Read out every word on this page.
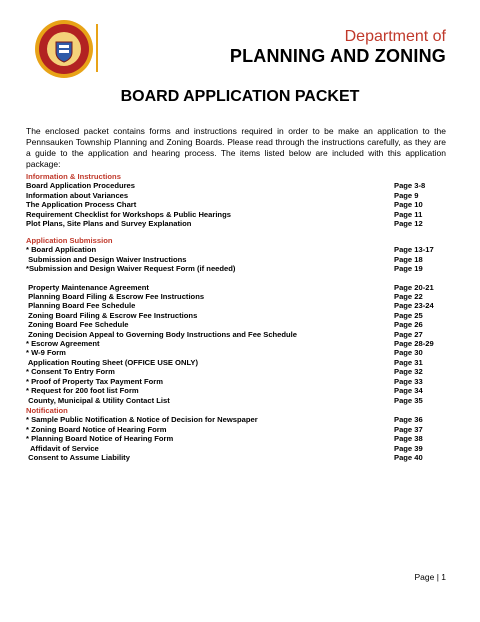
Department of
PLANNING AND ZONING
BOARD APPLICATION PACKET
The enclosed packet contains forms and instructions required in order to be make an application to the Pennsauken Township Planning and Zoning Boards. Please read through the instructions carefully, as they are a guide to the application and hearing process. The items listed below are included with this application package:
Information & Instructions
Board Application Procedures	Page 3-8
Information about Variances	Page 9
The Application Process Chart	Page 10
Requirement Checklist for Workshops & Public Hearings	Page 11
Plot Plans, Site Plans and Survey Explanation	Page 12
Application Submission
* Board Application	Page 13-17
Submission and Design Waiver Instructions	Page 18
*Submission and Design Waiver Request Form (if needed)	Page 19
Property Maintenance Agreement	Page 20-21
Planning Board Filing & Escrow Fee Instructions	Page 22
Planning Board Fee Schedule	Page 23-24
Zoning Board Filing & Escrow Fee Instructions	Page 25
Zoning Board Fee Schedule	Page 26
Zoning Decision Appeal to Governing Body Instructions and Fee Schedule	Page 27
* Escrow Agreement	Page 28-29
* W-9 Form	Page 30
Application Routing Sheet (OFFICE USE ONLY)	Page 31
* Consent To Entry Form	Page 32
* Proof of Property Tax Payment Form	Page 33
* Request for 200 foot list Form	Page 34
County, Municipal & Utility Contact List	Page 35
Notification
* Sample Public Notification & Notice of Decision for Newspaper	Page 36
* Zoning Board Notice of Hearing Form	Page 37
* Planning Board Notice of Hearing Form	Page 38
Affidavit of Service	Page 39
Consent to Assume Liability	Page 40
Page | 1
